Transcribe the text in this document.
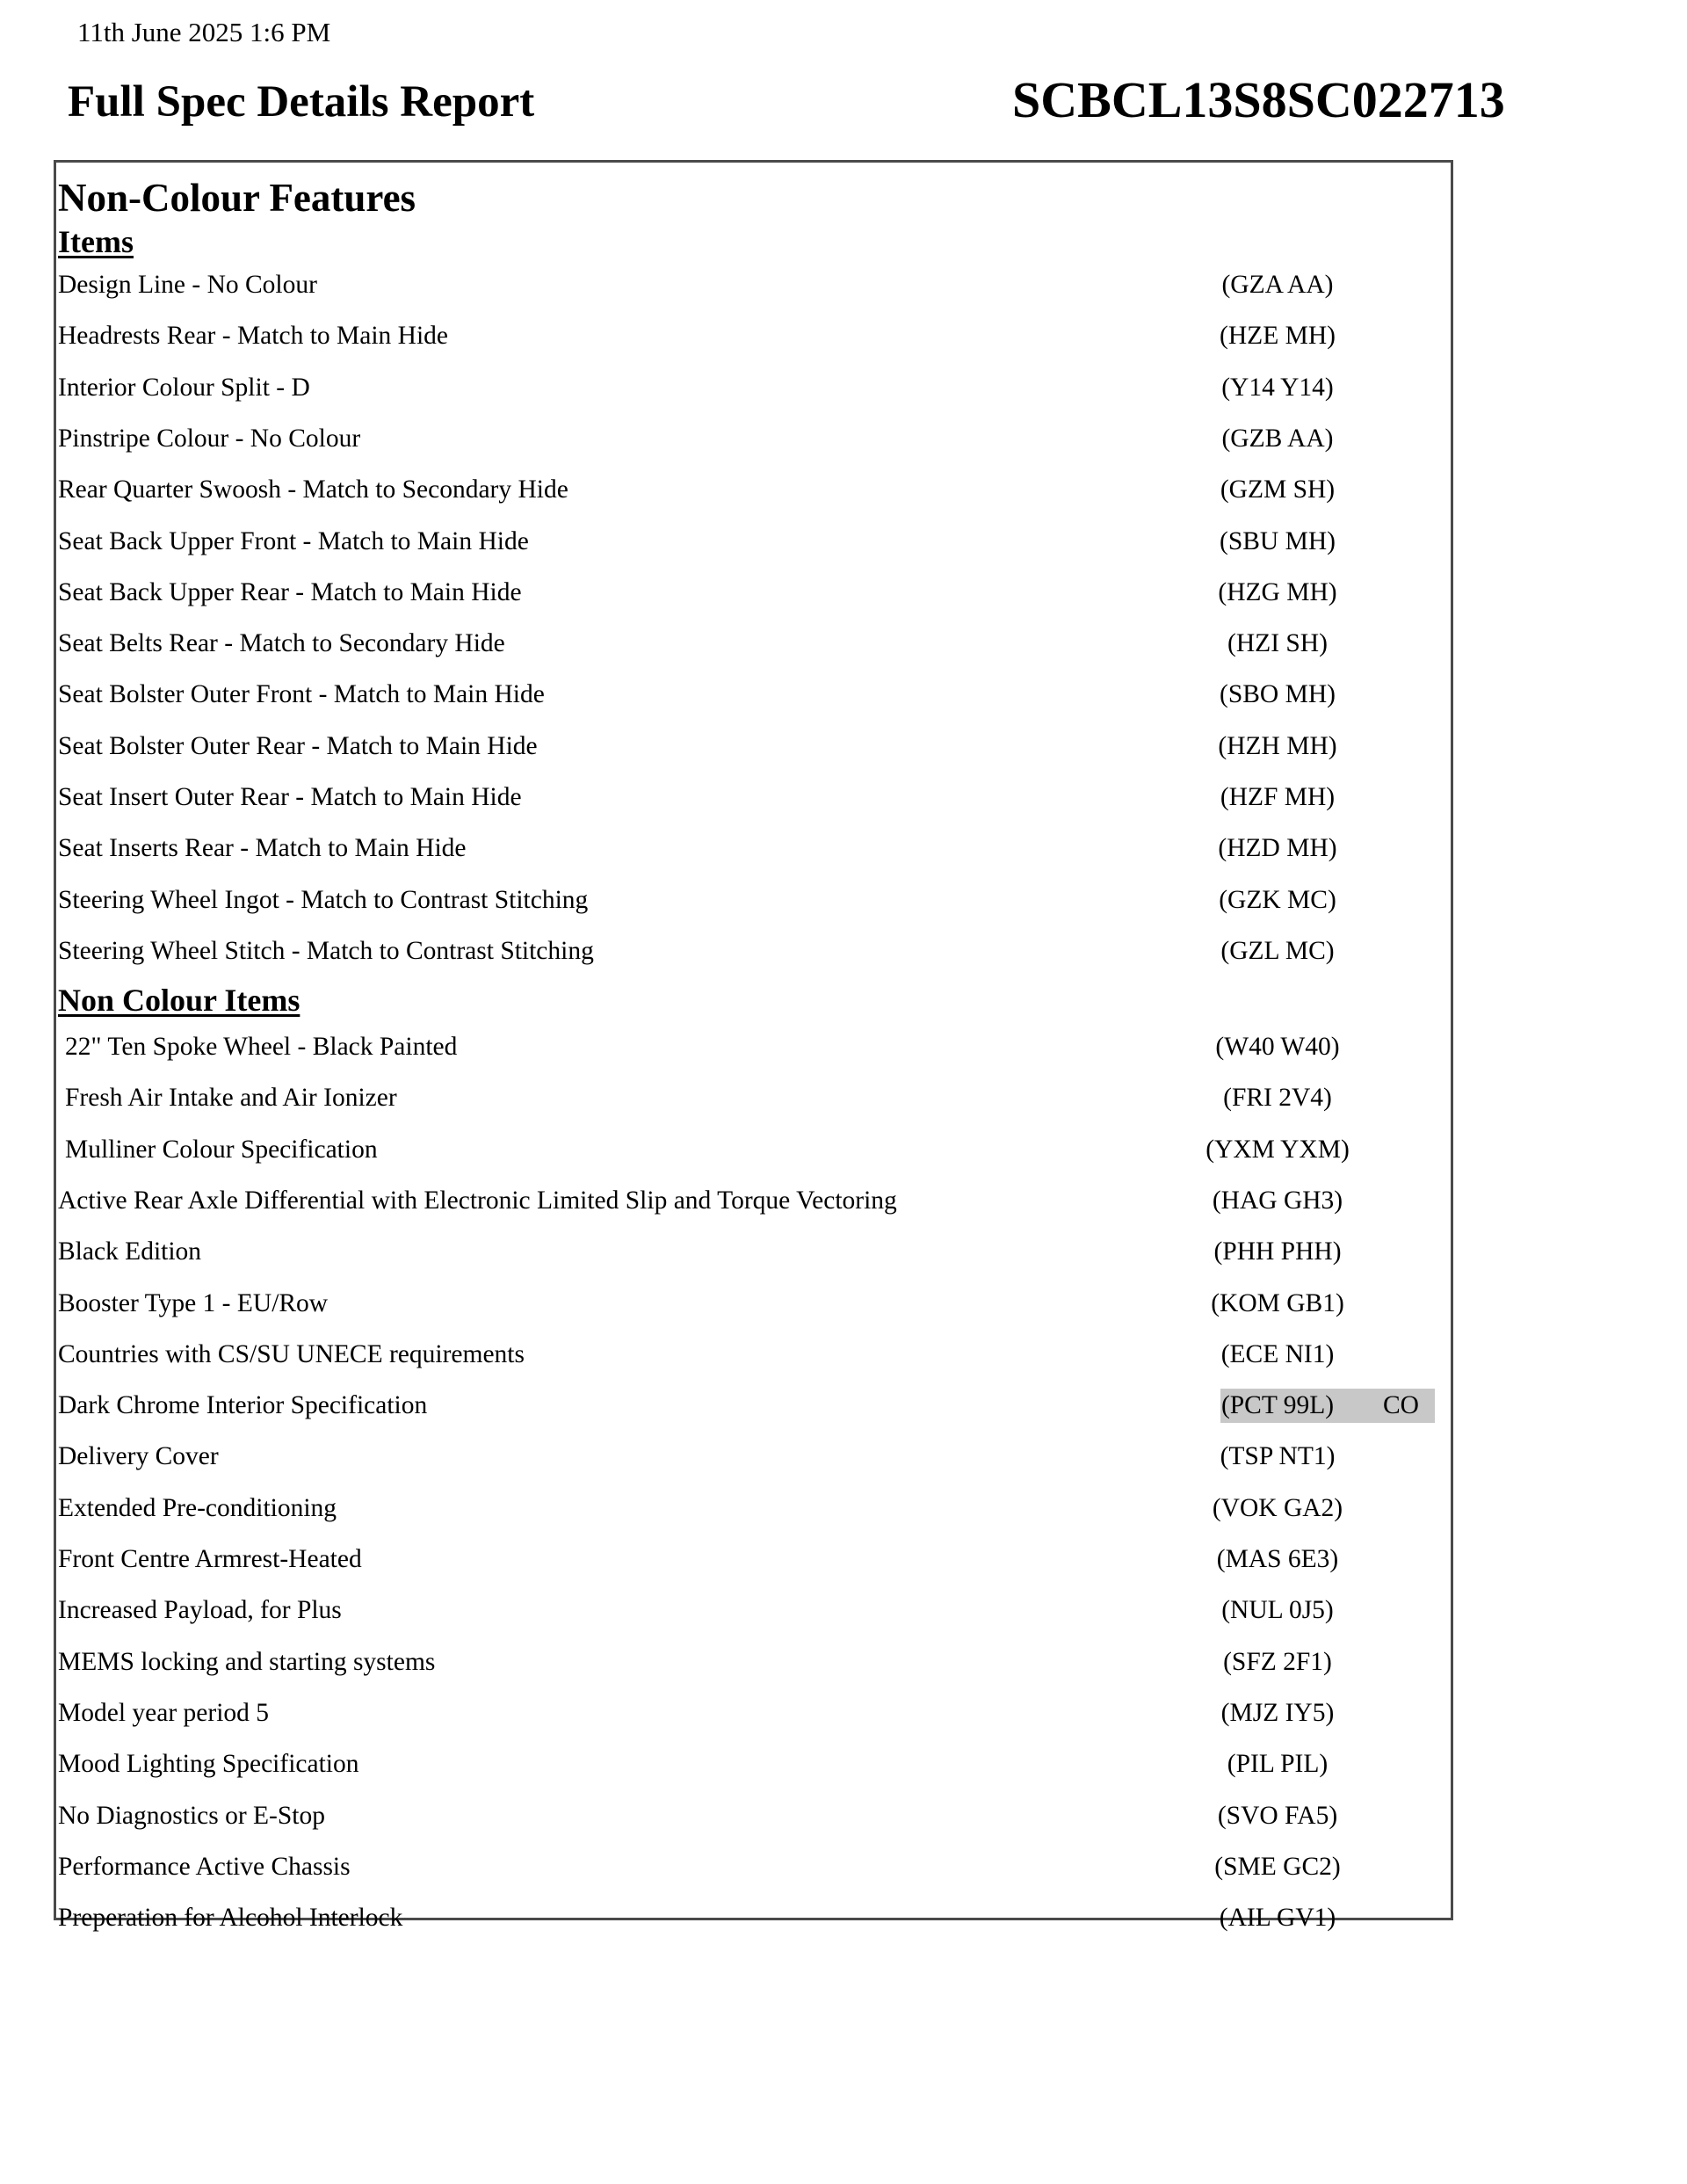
11th June 2025 1:6 PM
Full Spec Details Report	SCBCL13S8SC022713
Non-Colour Features
Items
Non Colour Items
Design Line - No Colour	(GZA AA)
Headrests Rear - Match to Main Hide	(HZE MH)
Interior Colour Split - D	(Y14 Y14)
Pinstripe Colour - No Colour	(GZB AA)
Rear Quarter Swoosh - Match to Secondary Hide	(GZM SH)
Seat Back Upper Front - Match to Main Hide	(SBU MH)
Seat Back Upper Rear - Match to Main Hide	(HZG MH)
Seat Belts Rear - Match to Secondary Hide	(HZI SH)
Seat Bolster Outer Front - Match to Main Hide	(SBO MH)
Seat Bolster Outer Rear - Match to Main Hide	(HZH MH)
Seat Insert Outer Rear - Match to Main Hide	(HZF MH)
Seat Inserts Rear - Match to Main Hide	(HZD MH)
Steering Wheel Ingot - Match to Contrast Stitching	(GZK MC)
Steering Wheel Stitch - Match to Contrast Stitching	(GZL MC)
22" Ten Spoke Wheel - Black Painted	(W40 W40)
Fresh Air Intake and Air Ionizer	(FRI 2V4)
Mulliner Colour Specification	(YXM YXM)
Active Rear Axle Differential with Electronic Limited Slip and Torque Vectoring	(HAG GH3)
Black Edition	(PHH PHH)
Booster Type 1 - EU/Row	(KOM GB1)
Countries with CS/SU UNECE requirements	(ECE NI1)
Dark Chrome Interior Specification	(PCT 99L)	CO
Delivery Cover	(TSP NT1)
Extended Pre-conditioning	(VOK GA2)
Front Centre Armrest-Heated	(MAS 6E3)
Increased Payload, for Plus	(NUL 0J5)
MEMS locking and starting systems	(SFZ 2F1)
Model year period 5	(MJZ IY5)
Mood Lighting Specification	(PIL PIL)
No Diagnostics or E-Stop	(SVO FA5)
Performance Active Chassis	(SME GC2)
Preperation for Alcohol Interlock	(AIL GV1)
